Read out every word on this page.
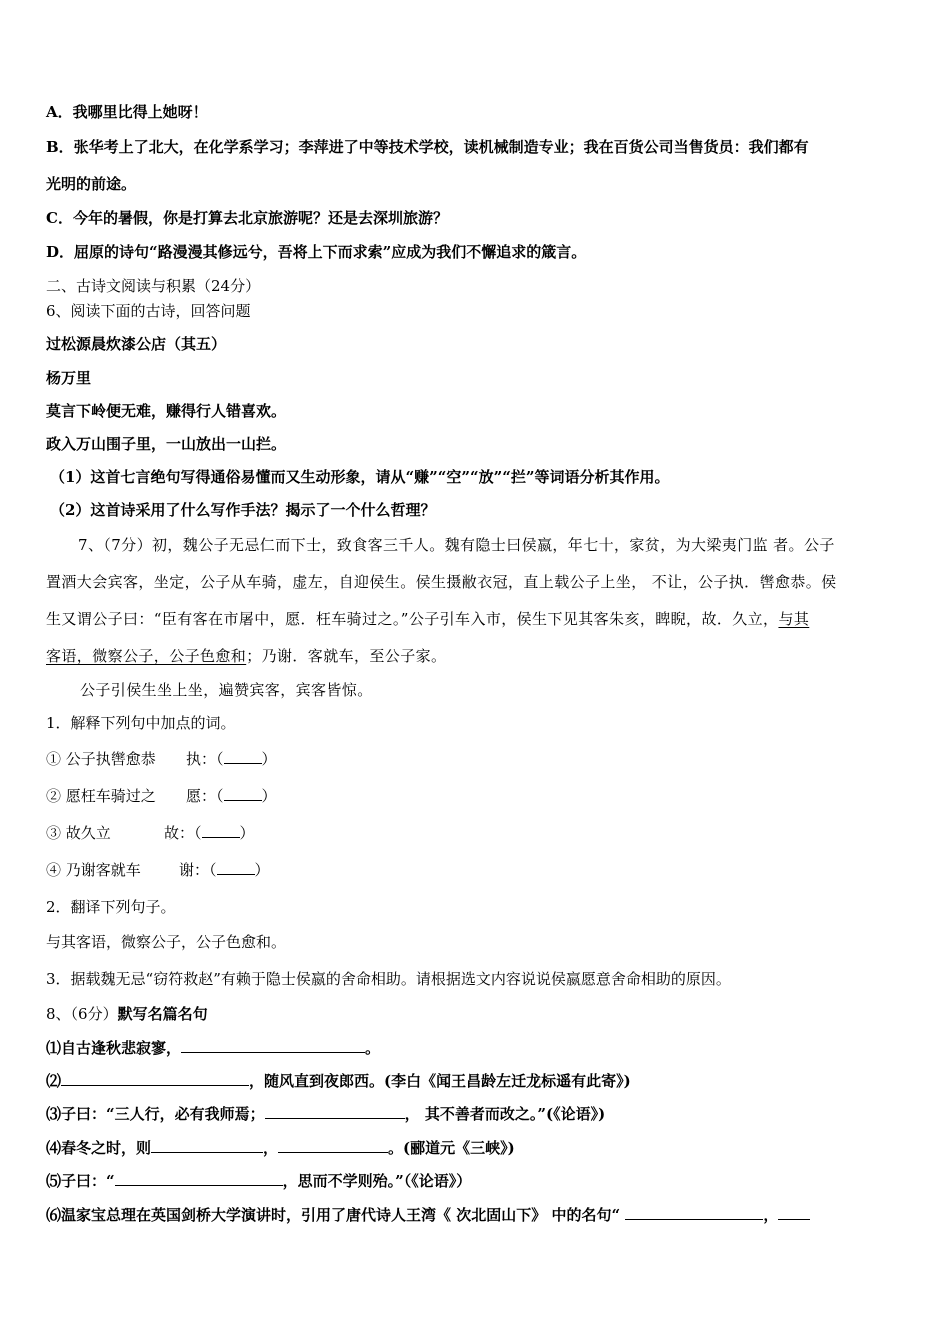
A．我哪里比得上她呀！
B．张华考上了北大，在化学系学习；李萍进了中等技术学校，读机械制造专业；我在百货公司当售货员：我们都有
光明的前途。
C．今年的暑假，你是打算去北京旅游呢？还是去深圳旅游？
D．屈原的诗句“路漫漫其修远兮，吾将上下而求索”应成为我们不懈追求的箴言。
二、古诗文阅读与积累（24分）
6、阅读下面的古诗，回答问题
过松源晨炊漆公店（其五）
杨万里
莫言下岭便无难，赚得行人错喜欢。
政入万山围子里，一山放出一山拦。
（1）这首七言绝句写得通俗易懂而又生动形象，请从“赚”“空”“放”“拦”等词语分析其作用。
（2）这首诗采用了什么写作手法？揭示了一个什么哲理？
7、（7分）初，魏公子无忌仁而下士，致食客三千人。魏有隐士曰侯嬴，年七十，家贫，为大梁夷门监 者。公子
置酒大会宾客，坐定，公子从车骑，虚左，自迎侯生。侯生摄敝衣冠，直上载公子上坐， 不让，公子执．辔愈恭。侯
生又谓公子曰：“臣有客在市屠中，愿．枉车骑过之。”公子引车入市，侯生下见其客朱亥，睥睨，故．久立，与其
客语，微察公子，公子色愈和；乃谢．客就车，至公子家。
公子引侯生坐上坐，遍赞宾客，宾客皆惊。
1．解释下列句中加点的词。
① 公子执辔愈恭 执：（	）
② 愿枉车骑过之 愿：（	）
③ 故久立	故：（	）
④ 乃谢客就车	谢：（	）
2．翻译下列句子。
与其客语，微察公子，公子色愈和。
3．据载魏无忌“窃符救赵”有赖于隐士侯嬴的舍命相助。请根据选文内容说说侯嬴愿意舍命相助的原因。
8、（6分）默写名篇名句
⑴自古逢秋悲寂寥，	。
⑵	，随风直到夜郎西。(李白《闻王昌龄左迁龙标遥有此寄》)
⑶子曰：“三人行，必有我师焉；	， 其不善者而改之。”(《论语》)
⑷春冬之时，则	，	。(郦道元《三峡》)
⑸子曰：“	，思而不学则殆。”（《论语》）
⑹温家宝总理在英国剑桥大学演讲时，引用了唐代诗人王湾《 次北固山下》 中的名句“	，
